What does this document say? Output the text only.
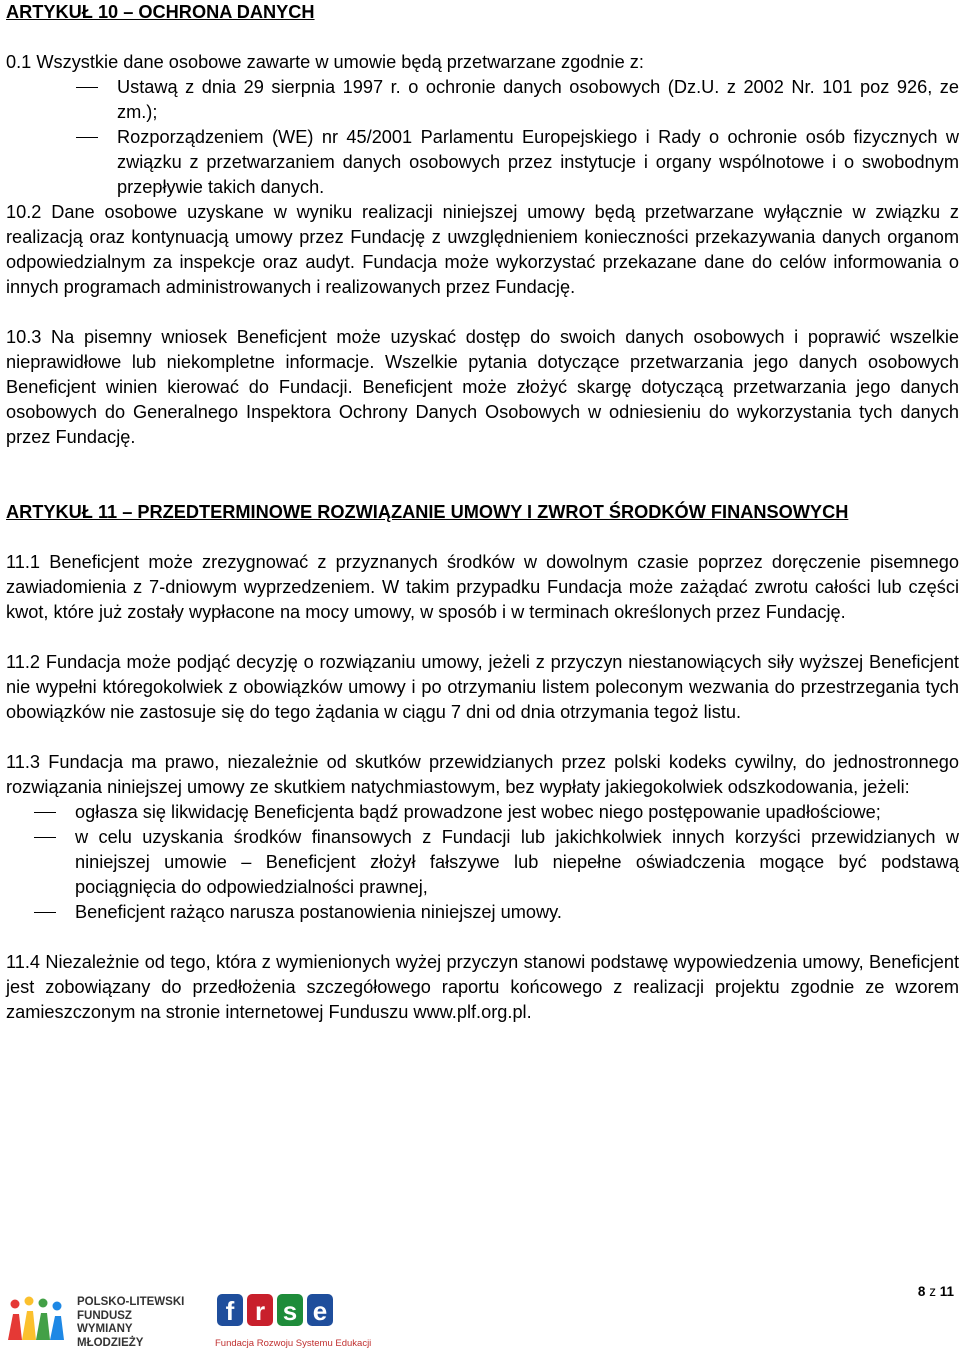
ARTYKUŁ 10 – OCHRONA DANYCH

0.1 Wszystkie dane osobowe zawarte w umowie będą przetwarzane zgodnie z:

Ustawą z dnia 29 sierpnia 1997 r. o ochronie danych osobowych (Dz.U. z 2002 Nr. 101 poz 926, ze zm.);
Rozporządzeniem (WE) nr 45/2001 Parlamentu Europejskiego i Rady o ochronie osób fizycznych w związku z przetwarzaniem danych osobowych przez instytucje i organy wspólnotowe i o swobodnym przepływie takich danych.

10.2 Dane osobowe uzyskane w wyniku realizacji niniejszej umowy będą przetwarzane wyłącznie w związku z realizacją oraz kontynuacją umowy przez Fundację z uwzględnieniem konieczności przekazywania danych organom odpowiedzialnym za inspekcje oraz audyt. Fundacja może wykorzystać przekazane dane do celów informowania o innych programach administrowanych i realizowanych przez Fundację.

10.3 Na pisemny wniosek Beneficjent może uzyskać dostęp do swoich danych osobowych i poprawić wszelkie nieprawidłowe lub niekompletne informacje. Wszelkie pytania dotyczące przetwarzania jego danych osobowych Beneficjent winien kierować do Fundacji. Beneficjent może złożyć skargę dotyczącą przetwarzania jego danych osobowych do Generalnego Inspektora Ochrony Danych Osobowych w odniesieniu do wykorzystania tych danych przez Fundację.

ARTYKUŁ 11 – PRZEDTERMINOWE ROZWIĄZANIE UMOWY I ZWROT ŚRODKÓW FINANSOWYCH

11.1 Beneficjent może zrezygnować z przyznanych środków w dowolnym czasie poprzez doręczenie pisemnego zawiadomienia z 7-dniowym wyprzedzeniem. W takim przypadku Fundacja może zażądać zwrotu całości lub części kwot, które już zostały wypłacone na mocy umowy, w sposób i w terminach określonych przez Fundację.

11.2 Fundacja może podjąć decyzję o rozwiązaniu umowy, jeżeli z przyczyn niestanowiących siły wyższej Beneficjent nie wypełni któregokolwiek z obowiązków umowy i po otrzymaniu listem poleconym wezwania do przestrzegania tych obowiązków nie zastosuje się do tego żądania w ciągu 7 dni od dnia otrzymania tegoż listu.

11.3 Fundacja ma prawo, niezależnie od skutków przewidzianych przez polski kodeks cywilny, do jednostronnego rozwiązania niniejszej umowy ze skutkiem natychmiastowym, bez wypłaty jakiegokolwiek odszkodowania, jeżeli:

ogłasza się likwidację Beneficjenta bądź prowadzone jest wobec niego postępowanie upadłościowe;
w celu uzyskania środków finansowych z Fundacji lub jakichkolwiek innych korzyści przewidzianych w niniejszej umowie – Beneficjent złożył fałszywe lub niepełne oświadczenia mogące być podstawą pociągnięcia do odpowiedzialności prawnej,
Beneficjent rażąco narusza postanowienia niniejszej umowy.

11.4 Niezależnie od tego, która z wymienionych wyżej przyczyn stanowi podstawę wypowiedzenia umowy, Beneficjent jest zobowiązany do przedłożenia szczegółowego raportu końcowego z realizacji projektu zgodnie ze wzorem zamieszczonym na stronie internetowej Funduszu www.plf.org.pl.

8 z 11
POLSKO-LITEWSKI
FUNDUSZ WYMIANY
MŁODZIEŻY
f r s e
Fundacja Rozwoju Systemu Edukacji
